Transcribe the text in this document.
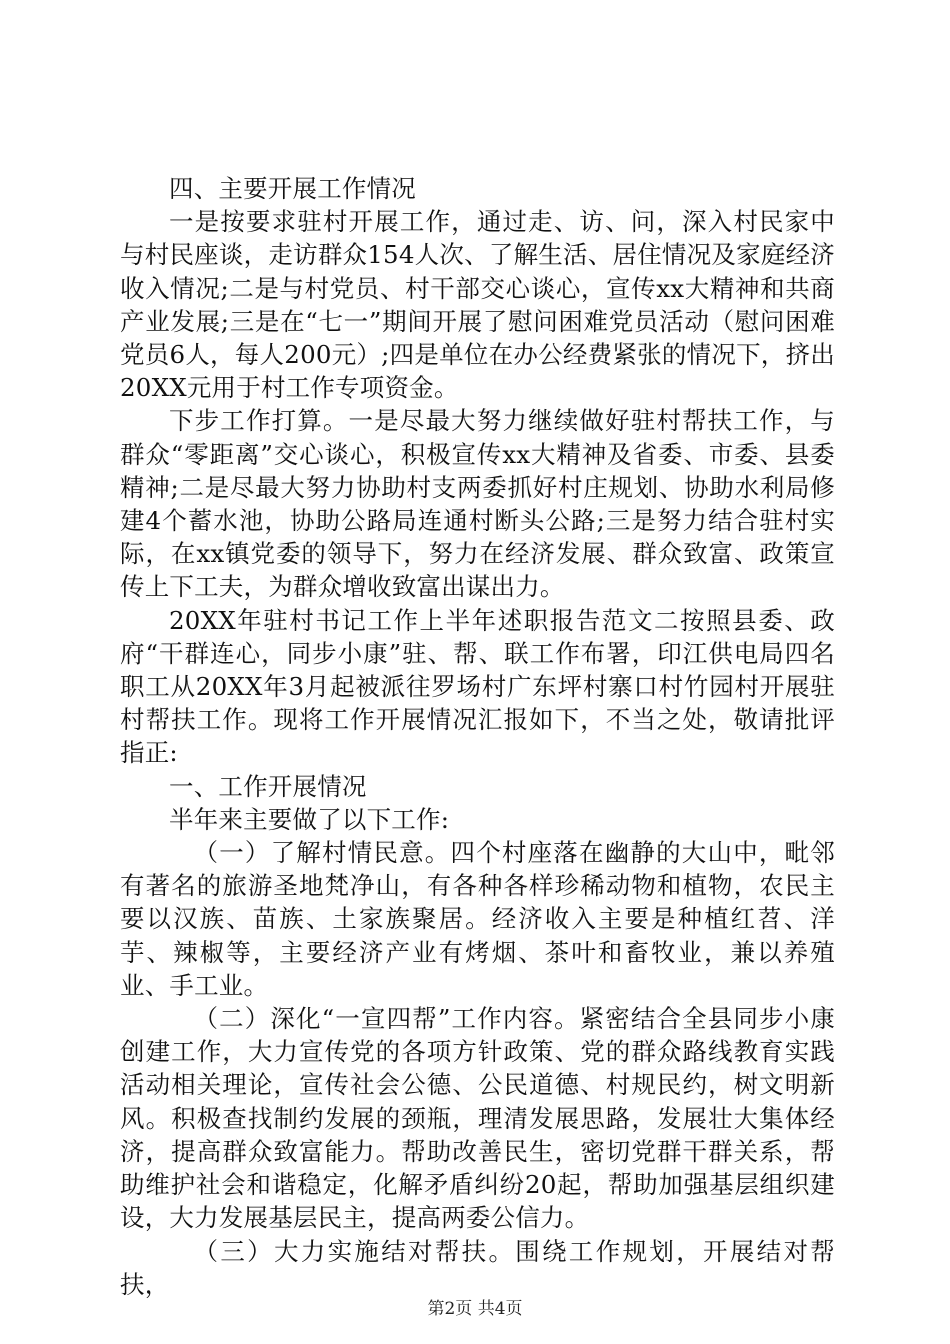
四、主要开展工作情况

一是按要求驻村开展工作，通过走、访、问，深入村民家中与村民座谈，走访群众154人次、了解生活、居住情况及家庭经济收入情况;二是与村党员、村干部交心谈心，宣传xx大精神和共商产业发展;三是在“七一”期间开展了慰问困难党员活动（慰问困难党员6人，每人200元）;四是单位在办公经费紧张的情况下，挤出20XX元用于村工作专项资金。

下步工作打算。一是尽最大努力继续做好驻村帮扶工作，与群众“零距离”交心谈心，积极宣传xx大精神及省委、市委、县委精神;二是尽最大努力协助村支两委抓好村庄规划、协助水利局修建4个蓄水池，协助公路局连通村断头公路;三是努力结合驻村实际，在xx镇党委的领导下，努力在经济发展、群众致富、政策宣传上下工夫，为群众增收致富出谋出力。

20XX年驻村书记工作上半年述职报告范文二按照县委、政府“干群连心，同步小康”驻、帮、联工作布署，印江供电局四名职工从20XX年3月起被派往罗场村广东坪村寨口村竹园村开展驻村帮扶工作。现将工作开展情况汇报如下，不当之处，敬请批评指正:

一、工作开展情况

半年来主要做了以下工作:

（一）了解村情民意。四个村座落在幽静的大山中，毗邻有著名的旅游圣地梵净山，有各种各样珍稀动物和植物，农民主要以汉族、苗族、土家族聚居。经济收入主要是种植红苕、洋芋、辣椒等，主要经济产业有烤烟、茶叶和畜牧业，兼以养殖业、手工业。

（二）深化“一宣四帮”工作内容。紧密结合全县同步小康创建工作，大力宣传党的各项方针政策、党的群众路线教育实践活动相关理论，宣传社会公德、公民道德、村规民约，树文明新风。积极查找制约发展的颈瓶，理清发展思路，发展壮大集体经济，提高群众致富能力。帮助改善民生，密切党群干群关系，帮助维护社会和谐稳定，化解矛盾纠纷20起，帮助加强基层组织建设，大力发展基层民主，提高两委公信力。

（三）大力实施结对帮扶。围绕工作规划，开展结对帮扶，

第2页 共4页
